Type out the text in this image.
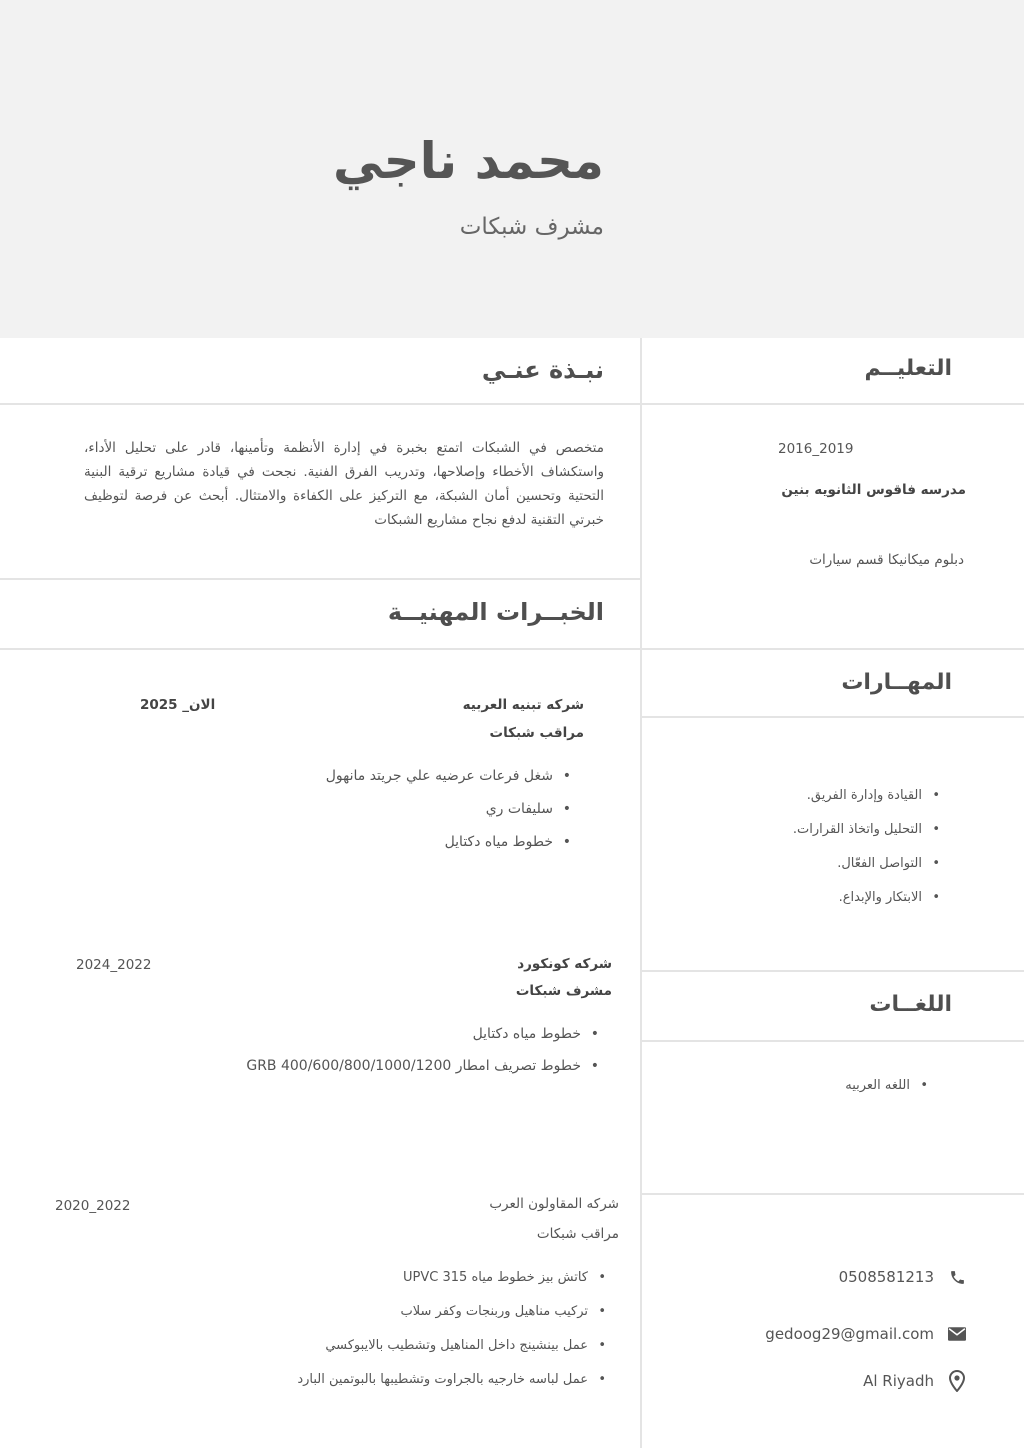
محمد ناجي
مشرف شبكات
نبـذة عنـي

متخصص في الشبكات اتمتع بخبرة في إدارة الأنظمة وتأمينها، قادر على تحليل الأداء، واستكشاف الأخطاء وإصلاحها، وتدريب الفرق الفنية. نجحت في قيادة مشاريع ترقية البنية التحتية وتحسين أمان الشبكة، مع التركيز على الكفاءة والامتثال. أبحث عن فرصة لتوظيف خبرتي التقنية لدفع نجاح مشاريع الشبكات

الخبــرات المهنيــة
شركه تبنيه العربيه
الان_ 2025
مراقب شبكات
• شغل فرعات عرضيه علي جريتد مانهول
• سليفات ري
• خطوط مياه دكتايل
شركه كونكورد
2022_2024
مشرف شبكات
• خطوط مياه دكتايل
• خطوط تصريف امطار 400/600/800/1000/1200 GRB
شركه المقاولون العرب
2022_2020
مراقب شبكات
• كاتش بيز خطوط مياه 315 UPVC
• تركيب مناهيل وربنجات وكفر سلاب
• عمل بينشينج داخل المناهيل وتشطيب بالايبوكسي
• عمل لباسه خارجيه بالجراوت وتشطيبها بالبوتمين البارد
التعليــم
2019_2016
مدرسه فاقوس الثانويه بنين
دبلوم ميكانيكا قسم سيارات
المهــارات
• القيادة وإدارة الفريق.
• التحليل واتخاذ القرارات.
• التواصل الفعّال.
• الابتكار والإبداع.
اللغــات
• اللغه العربيه
0508581213
gedoog29@gmail.com
Al Riyadh
